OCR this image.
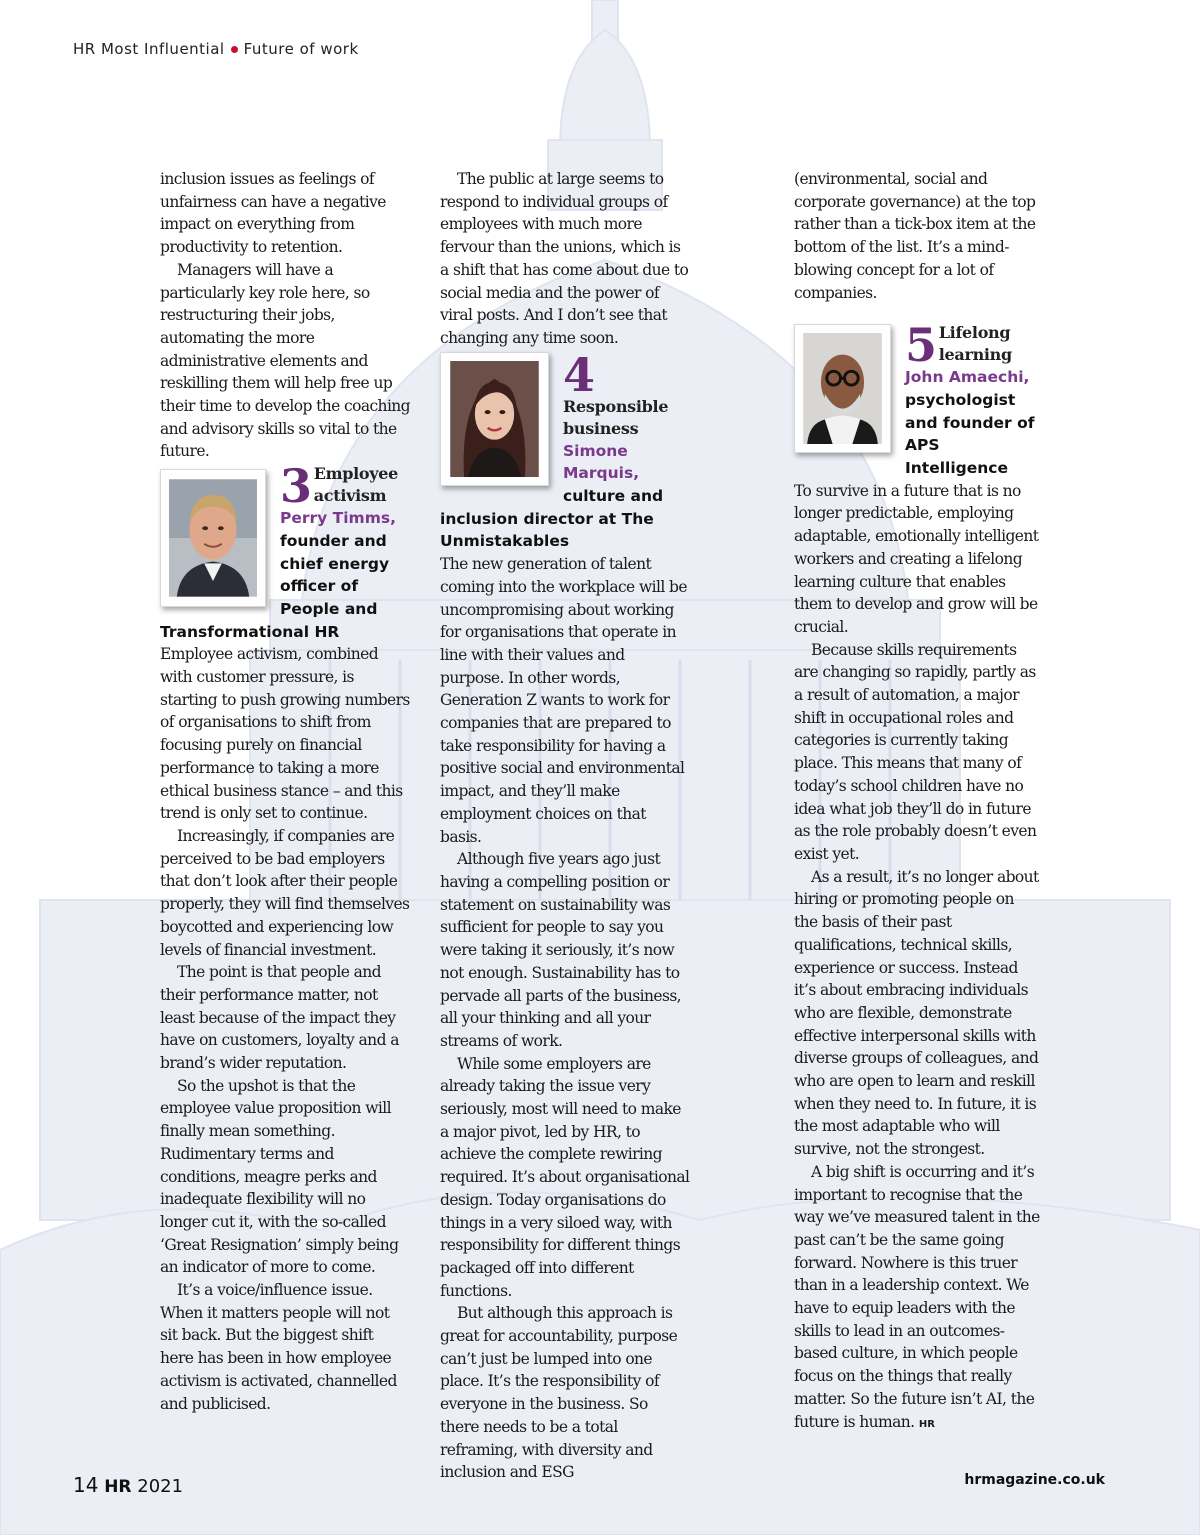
HR Most Influential Future of work

inclusion issues as feelings of unfairness can have a negative impact on everything from productivity to retention.

Managers will have a particularly key role here, so restructuring their jobs, automating the more administrative elements and reskilling them will help free up their time to develop the coaching and advisory skills so vital to the future.

3 Employee
activism
Perry Timms,
founder and chief energy officer of People and Transformational HR

Employee activism, combined with customer pressure, is starting to push growing numbers of organisations to shift from focusing purely on financial performance to taking a more ethical business stance – and this trend is only set to continue.

Increasingly, if companies are perceived to be bad employers that don’t look after their people properly, they will find themselves boycotted and experiencing low levels of financial investment.

The point is that people and their performance matter, not least because of the impact they have on customers, loyalty and a brand’s wider reputation.

So the upshot is that the employee value proposition will finally mean something. Rudimentary terms and conditions, meagre perks and inadequate flexibility will no longer cut it, with the so-called ‘Great Resignation’ simply being an indicator of more to come.

It’s a voice/influence issue. When it matters people will not sit back. But the biggest shift here has been in how employee activism is activated, channelled and publicised.

The public at large seems to respond to individual groups of employees with much more fervour than the unions, which is a shift that has come about due to social media and the power of viral posts. And I don’t see that changing any time soon.

4
Responsible
business
Simone Marquis,
culture and inclusion director at The Unmistakables

The new generation of talent coming into the workplace will be uncompromising about working for organisations that operate in line with their values and purpose. In other words, Generation Z wants to work for companies that are prepared to take responsibility for having a positive social and environmental impact, and they’ll make employment choices on that basis.

Although five years ago just having a compelling position or statement on sustainability was sufficient for people to say you were taking it seriously, it’s now not enough. Sustainability has to pervade all parts of the business, all your thinking and all your streams of work.

While some employers are already taking the issue very seriously, most will need to make a major pivot, led by HR, to achieve the complete rewiring required. It’s about organisational design. Today organisations do things in a very siloed way, with responsibility for different things packaged off into different functions.

But although this approach is great for accountability, purpose can’t just be lumped into one place. It’s the responsibility of everyone in the business. So there needs to be a total reframing, with diversity and inclusion and ESG

(environmental, social and corporate governance) at the top rather than a tick-box item at the bottom of the list. It’s a mind-blowing concept for a lot of companies.

5 Lifelong
learning
John Amaechi,
psychologist and founder of APS Intelligence

To survive in a future that is no longer predictable, employing adaptable, emotionally intelligent workers and creating a lifelong learning culture that enables them to develop and grow will be crucial.

Because skills requirements are changing so rapidly, partly as a result of automation, a major shift in occupational roles and categories is currently taking place. This means that many of today’s school children have no idea what job they’ll do in future as the role probably doesn’t even exist yet.

As a result, it’s no longer about hiring or promoting people on the basis of their past qualifications, technical skills, experience or success. Instead it’s about embracing individuals who are flexible, demonstrate effective interpersonal skills with diverse groups of colleagues, and who are open to learn and reskill when they need to. In future, it is the most adaptable who will survive, not the strongest.

A big shift is occurring and it’s important to recognise that the way we’ve measured talent in the past can’t be the same going forward. Nowhere is this truer than in a leadership context. We have to equip leaders with the skills to lead in an outcomes-based culture, in which people focus on the things that really matter. So the future isn’t AI, the future is human. HR

14 HR 2021	hrmagazine.co.uk
